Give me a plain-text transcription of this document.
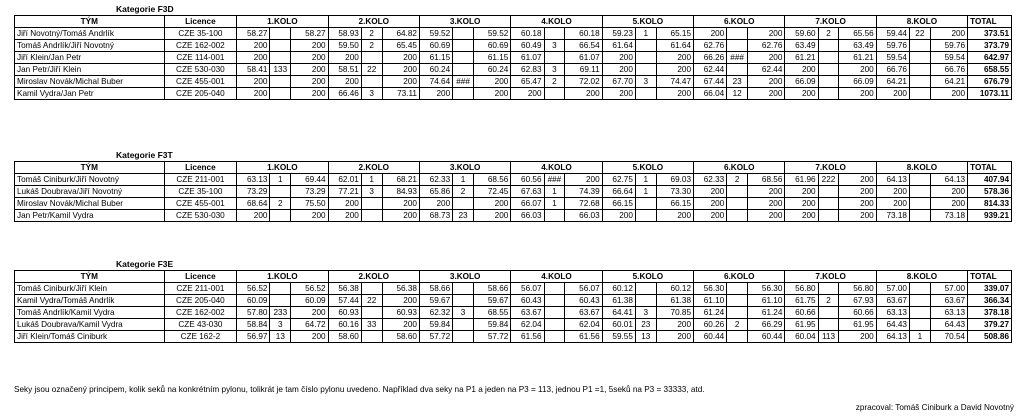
Kategorie F3D
TÝM	Licence	1.KOLO			2.KOLO			3.KOLO			4.KOLO			5.KOLO			6.KOLO			7.KOLO			8.KOLO			TOTAL
Jiří Novotný/Tomáš Andrlík	CZE 35-100	58.27		58.27	58.93	2	64.82	59.52		59.52	60.18		60.18	59.23	1	65.15	200		200	59.60	2	65.56	59.44	22	200	373.51
Tomáš Andrlík/Jiří Novotný	CZE 162-002	200		200	59.50	2	65.45	60.69		60.69	60.49	3	66.54	61.64		61.64	62.76		62.76	63.49		63.49	59.76		59.76	373.79
Jiří Klein/Jan Petr	CZE 114-001	200		200	200		200	61.15		61.15	61.07		61.07	200		200	66.26	###	200	61.21		61.21	59.54		59.54	642.97
Jan Petr/Jiří Klein	CZE 530-030	58.41	133	200	58.51	22	200	60.24		60.24	62.83	3	69.11	200		200	62.44		62.44	200		200	66.76		66.76	658.55
Miroslav Novák/Michal Buber	CZE 455-001	200		200	200		200	74.64	###	200	65.47	2	72.02	67.70	3	74.47	67.44	23	200	66.09		66.09	64.21		64.21	676.79
Kamil Vydra/Jan Petr	CZE 205-040	200		200	66.46	3	73.11	200		200	200		200	200		200	66.04	12	200	200		200	200		200	1073.11
Kategorie F3T
TÝM	Licence	1.KOLO			2.KOLO			3.KOLO			4.KOLO			5.KOLO			6.KOLO			7.KOLO			8.KOLO			TOTAL
Tomáš Ciniburk/Jiří Novotný	CZE 211-001	63.13	1	69.44	62.01	1	68.21	62.33	1	68.56	60.56	###	200	62.75	1	69.03	62.33	2	68.56	61.96	222	200	64.13		64.13	407.94
Lukáš Doubrava/Jiří Novotný	CZE 35-100	73.29		73.29	77.21	3	84.93	65.86	2	72.45	67.63	1	74.39	66.64	1	73.30	200		200	200		200	200		200	578.36
Miroslav Novák/Michal Buber	CZE 455-001	68.64	2	75.50	200		200	200		200	66.07	1	72.68	66.15		66.15	200		200	200		200	200		200	814.33
Jan Petr/Kamil Vydra	CZE 530-030	200		200	200		200	68.73	23	200	66.03		66.03	200		200	200		200	200		200	73.18		73.18	939.21
Kategorie F3E
TÝM	Licence	1.KOLO			2.KOLO			3.KOLO			4.KOLO			5.KOLO			6.KOLO			7.KOLO			8.KOLO			TOTAL
Tomáš Ciniburk/Jiří Klein	CZE 211-001	56.52		56.52	56.38		56.38	58.66		58.66	56.07		56.07	60.12		60.12	56.30		56.30	56.80		56.80	57.00		57.00	339.07
Kamil Vydra/Tomáš Andrlík	CZE 205-040	60.09		60.09	57.44	22	200	59.67		59.67	60.43		60.43	61.38		61.38	61.10		61.10	61.75	2	67.93	63.67		63.67	366.34
Tomáš Andrlík/Kamil Vydra	CZE 162-002	57.80	233	200	60.93		60.93	62.32	3	68.55	63.67		63.67	64.41	3	70.85	61.24		61.24	60.66		60.66	63.13		63.13	378.18
Lukáš Doubrava/Kamil Vydra	CZE 43-030	58.84	3	64.72	60.16	33	200	59.84		59.84	62.04		62.04	60.01	23	200	60.26	2	66.29	61.95		61.95	64.43		64.43	379.27
Jiří Klein/Tomáš Ciniburk	CZE 162-2	56.97	13	200	58.60		58.60	57.72		57.72	61.56		61.56	59.55	13	200	60.44		60.44	60.04	113	200	64.13	1	70.54	508.86
Seky jsou označený principem, kolik seků na konkrétním pylonu, tolikrát je tam číslo pylonu uvedeno. Například dva seky na P1 a jeden na P3 = 113, jednou P1 =1, 5seků na P3 = 33333, atd.
zpracoval: Tomáš Ciniburk a David Novotný
